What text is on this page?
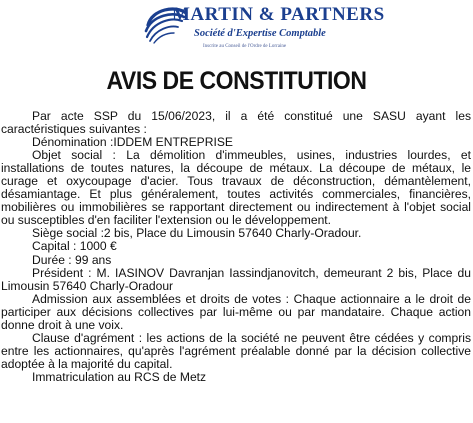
MARTIN & PARTNERS
Société d'Expertise Comptable
Inscrite au Conseil de l'Ordre de Lorraine
AVIS DE CONSTITUTION

Par acte SSP du 15/06/2023, il a été constitué une SASU ayant les caractéristiques suivantes :

Dénomination :IDDEM ENTREPRISE

Objet social : La démolition d'immeubles, usines, industries lourdes, et installations de toutes natures, la découpe de métaux. La découpe de métaux, le curage et oxycoupage d'acier. Tous travaux de déconstruction, démantèlement, désamiantage. Et plus généralement, toutes activités commerciales, financières, mobilières ou immobilières se rapportant directement ou indirectement à l'objet social ou susceptibles d'en faciliter l'extension ou le développement.

Siège social :2 bis, Place du Limousin 57640 Charly-Oradour.

Capital : 1000 €

Durée : 99 ans

Président : M. IASINOV Davranjan Iassindjanovitch, demeurant 2 bis, Place du Limousin 57640 Charly-Oradour

Admission aux assemblées et droits de votes : Chaque actionnaire a le droit de participer aux décisions collectives par lui-même ou par mandataire. Chaque action donne droit à une voix.

Clause d'agrément : les actions de la société ne peuvent être cédées y compris entre les actionnaires, qu'après l'agrément préalable donné par la décision collective adoptée à la majorité du capital.

Immatriculation au RCS de Metz
